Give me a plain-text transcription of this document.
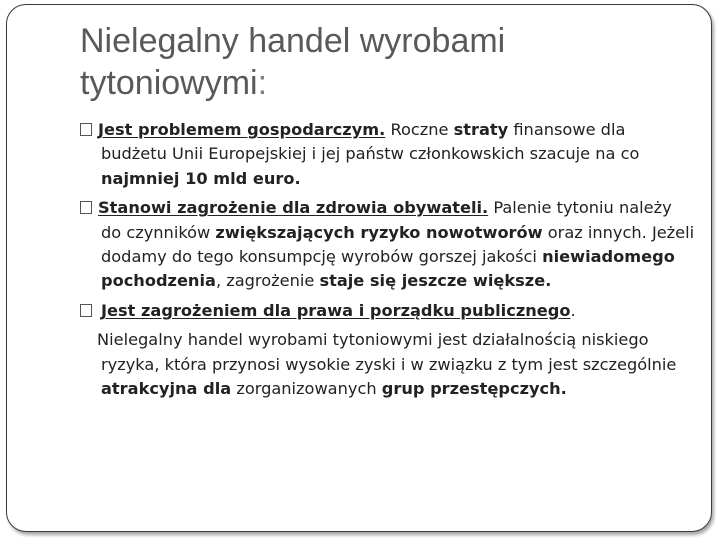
Nielegalny handel wyrobami tytoniowymi:

Jest problemem gospodarczym. Roczne straty finansowe dla budżetu Unii Europejskiej i jej państw członkowskich szacuje na co najmniej 10 mld euro.

Stanowi zagrożenie dla zdrowia obywateli. Palenie tytoniu należy do czynników zwiększających ryzyko nowotworów oraz innych. Jeżeli dodamy do tego konsumpcję wyrobów gorszej jakości niewiadomego pochodzenia, zagrożenie staje się jeszcze większe.

Jest zagrożeniem dla prawa i porządku publicznego.

Nielegalny handel wyrobami tytoniowymi jest działalnością niskiego ryzyka, która przynosi wysokie zyski i w związku z tym jest szczególnie atrakcyjna dla zorganizowanych grup przestępczych.
